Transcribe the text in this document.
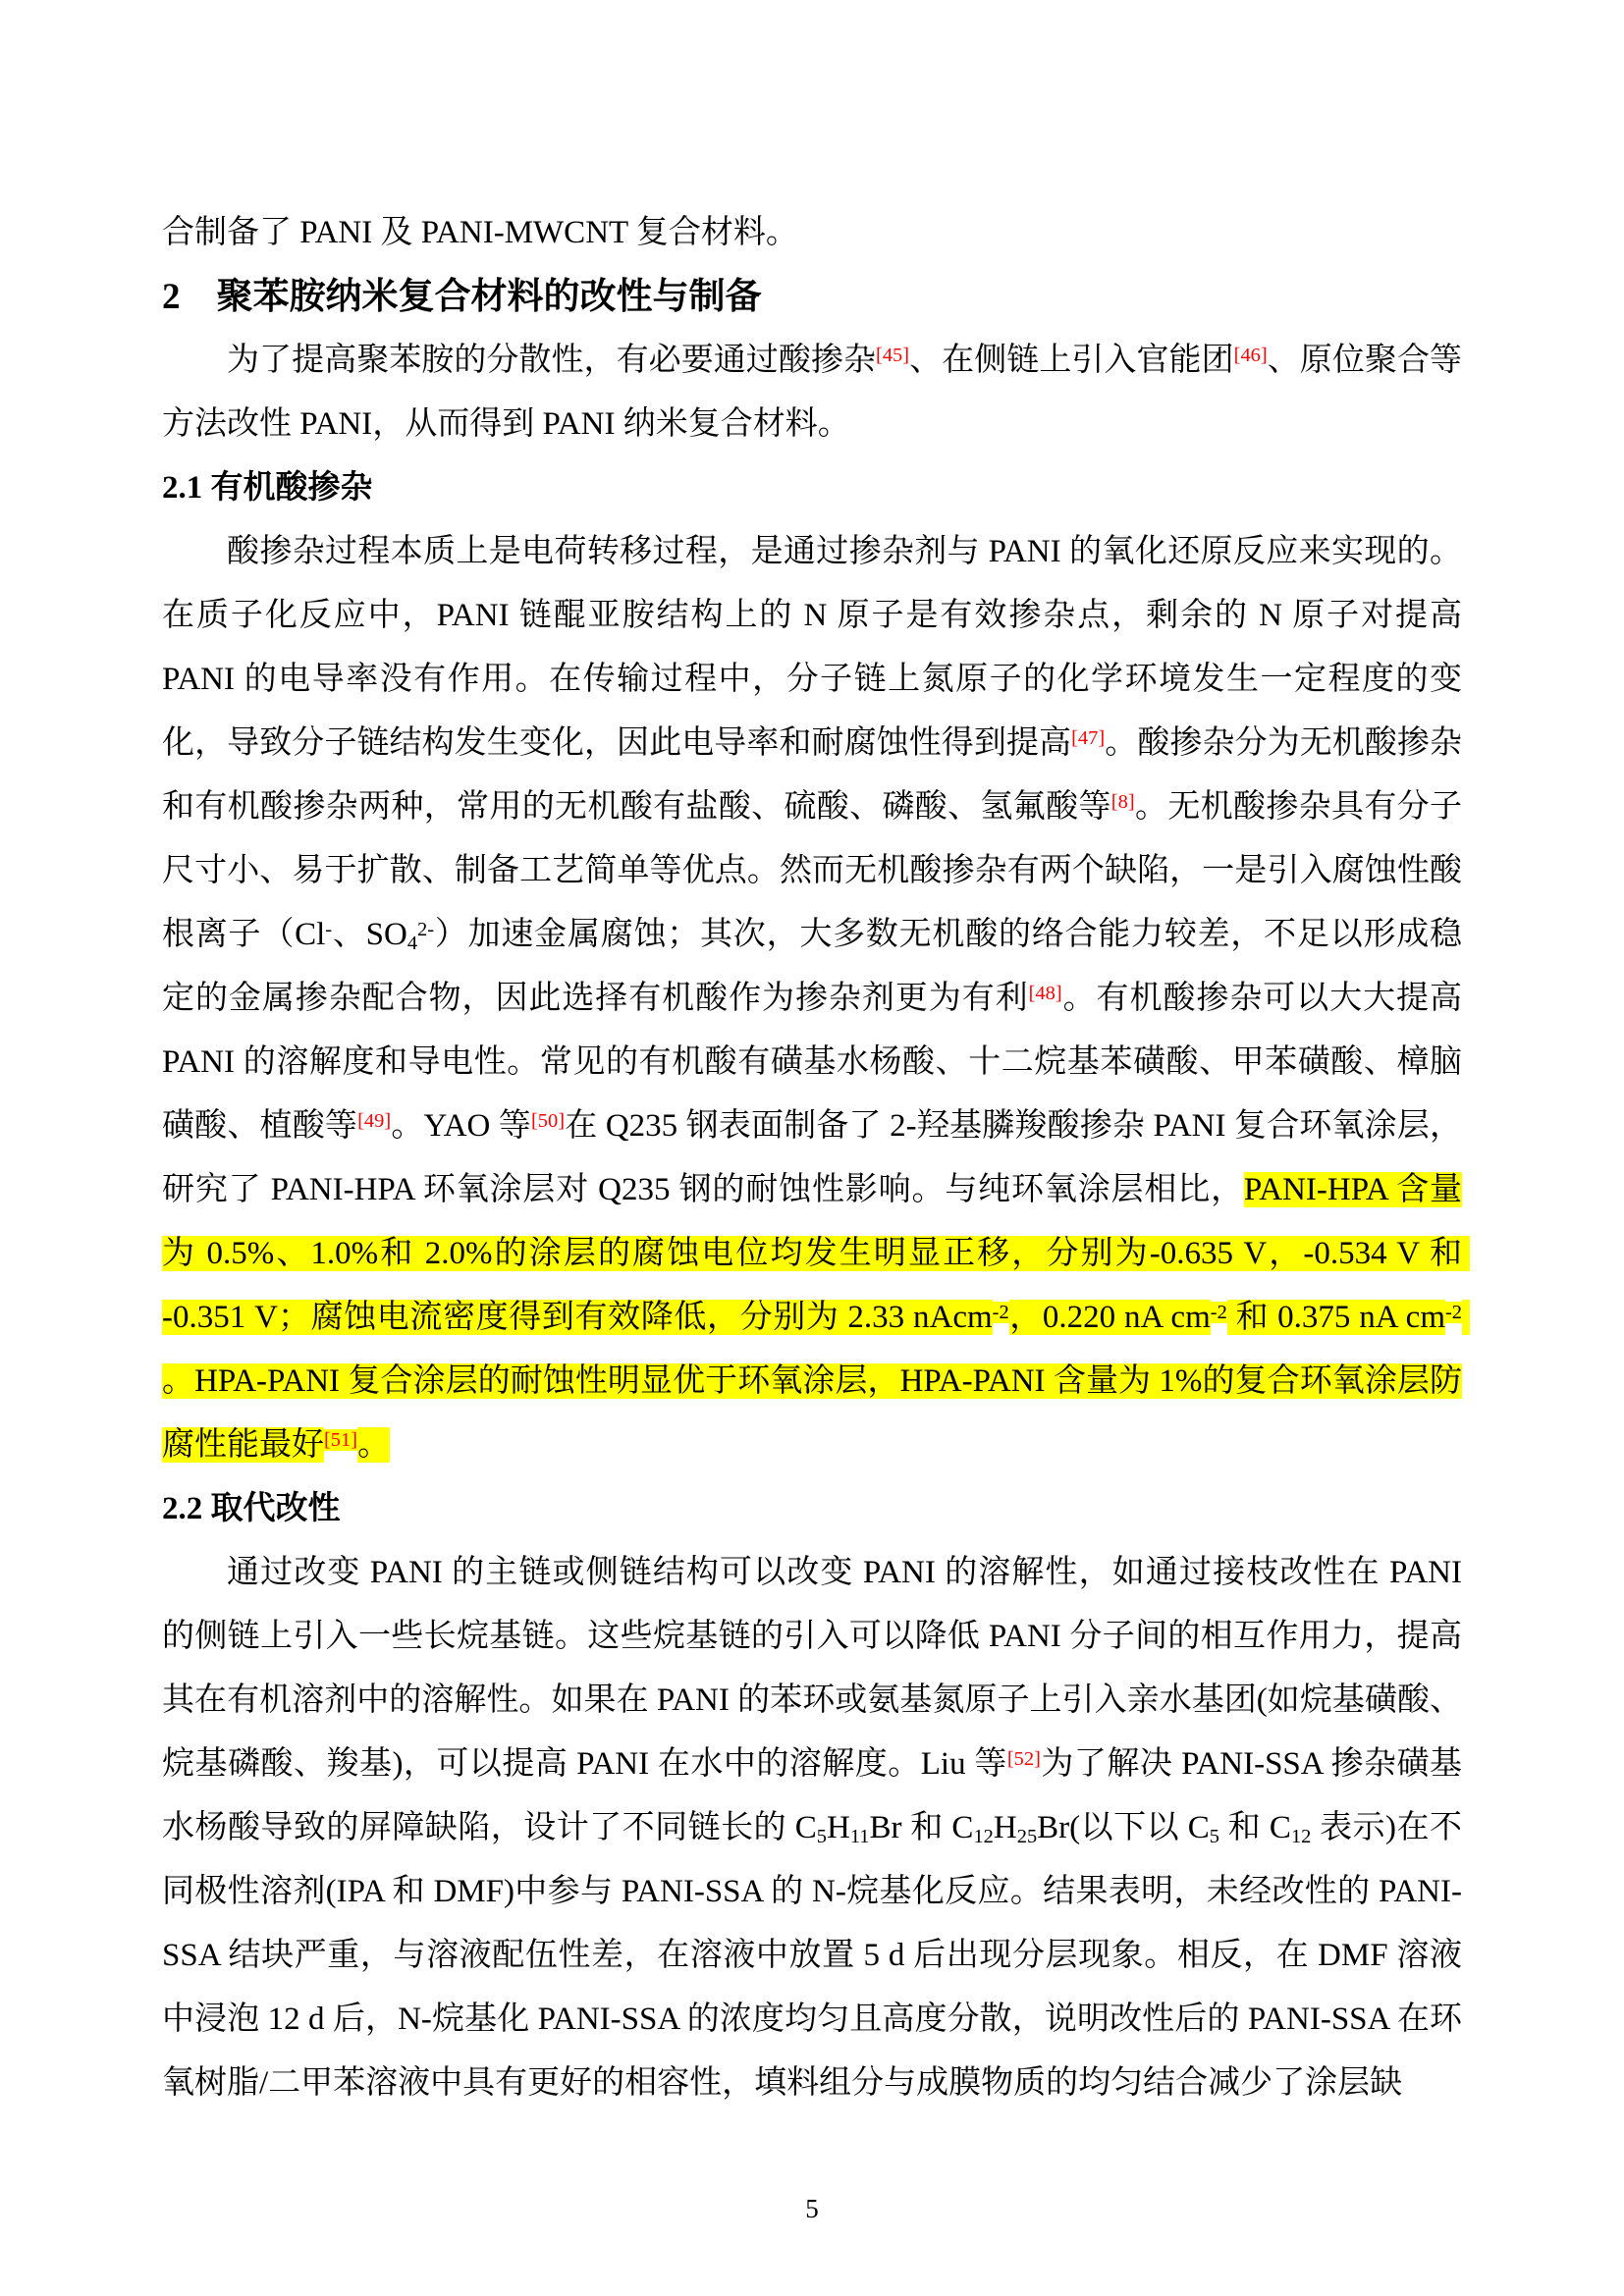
合制备了 PANI 及 PANI-MWCNT 复合材料。

2　聚苯胺纳米复合材料的改性与制备

为了提高聚苯胺的分散性，有必要通过酸掺杂[45]、在侧链上引入官能团[46]、原位聚合等方法改性 PANI，从而得到 PANI 纳米复合材料。

2.1 有机酸掺杂

酸掺杂过程本质上是电荷转移过程，是通过掺杂剂与 PANI 的氧化还原反应来实现的。在质子化反应中，PANI 链醌亚胺结构上的 N 原子是有效掺杂点，剩余的 N 原子对提高 PANI 的电导率没有作用。在传输过程中，分子链上氮原子的化学环境发生一定程度的变化，导致分子链结构发生变化，因此电导率和耐腐蚀性得到提高[47]。酸掺杂分为无机酸掺杂和有机酸掺杂两种，常用的无机酸有盐酸、硫酸、磷酸、氢氟酸等[8]。无机酸掺杂具有分子尺寸小、易于扩散、制备工艺简单等优点。然而无机酸掺杂有两个缺陷，一是引入腐蚀性酸根离子（Cl-、$SO4^{2-}$）加速金属腐蚀；其次，大多数无机酸的络合能力较差，不足以形成稳定的金属掺杂配合物，因此选择有机酸作为掺杂剂更为有利[48]。有机酸掺杂可以大大提高 PANI 的溶解度和导电性。常见的有机酸有磺基水杨酸、十二烷基苯磺酸、甲苯磺酸、樟脑磺酸、植酸等[49]。YAO 等[50]在 Q235 钢表面制备了 2-羟基膦羧酸掺杂 PANI 复合环氧涂层，研究了 PANI-HPA 环氧涂层对 Q235 钢的耐蚀性影响。与纯环氧涂层相比，PANI-HPA 含量为 0.5%、1.0%和 2.0%的涂层的腐蚀电位均发生明显正移，分别为-0.635 V，-0.534 V 和 -0.351 V；腐蚀电流密度得到有效降低，分别为 2.33 nAcm$^{-2}$，0.220 nA $cm^{-2}$ 和 0.375 nA $cm^{-2}$ 。HPA-PANI 复合涂层的耐蚀性明显优于环氧涂层，HPA-PANI 含量为 1%的复合环氧涂层防腐性能最好[51]。

2.2 取代改性

通过改变 PANI 的主链或侧链结构可以改变 PANI 的溶解性，如通过接枝改性在 PANI 的侧链上引入一些长烷基链。这些烷基链的引入可以降低 PANI 分子间的相互作用力，提高其在有机溶剂中的溶解性。如果在 PANI 的苯环或氨基氮原子上引入亲水基团(如烷基磺酸、烷基磷酸、羧基)，可以提高 PANI 在水中的溶解度。Liu 等[52]为了解决 PANI-SSA 掺杂磺基水杨酸导致的屏障缺陷，设计了不同链长的 C5H11Br 和 C12H25Br(以下以 C5 和 C12 表示)在不同极性溶剂(IPA 和 DMF)中参与 PANI-SSA 的 N-烷基化反应。结果表明，未经改性的 PANI-SSA 结块严重，与溶液配伍性差，在溶液中放置 5 d 后出现分层现象。相反，在 DMF 溶液中浸泡 12 d 后，N-烷基化 PANI-SSA 的浓度均匀且高度分散，说明改性后的 PANI-SSA 在环氧树脂/二甲苯溶液中具有更好的相容性，填料组分与成膜物质的均匀结合减少了涂层缺

5
